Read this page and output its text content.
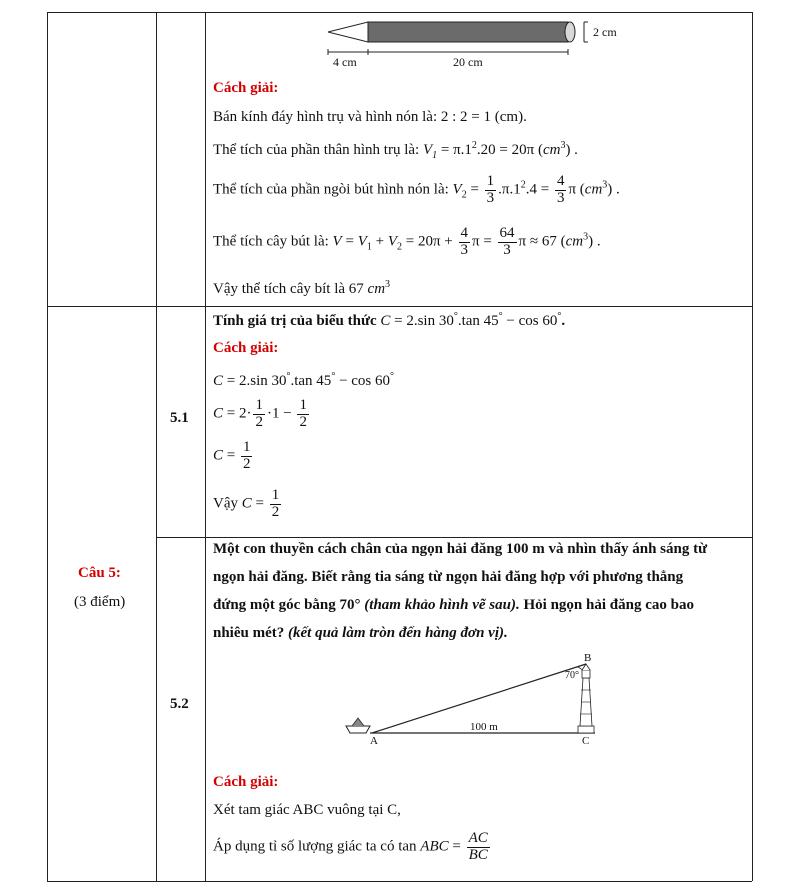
2 cm
4 cm	20 cm
Cách giải:
Bán kính đáy hình trụ và hình nón là: 2 : 2 = 1 (cm).
Thể tích của phần thân hình trụ là: $V_1 = \pi.1^2.20 = 20\pi$ $(cm^3)$ .
Thể tích của phần ngòi bút hình nón là: $V_2 = \frac{1}{3} .\pi.1^2.4 = \frac{4}{3}$ π $(cm^3)$ .
Thể tích cây bút là: $V = V_1 + V_2 = 20\pi + \frac{4}{3}$ $\pi = \frac{64}{3}$ π ≈ 67 $(cm^3)$ .
Vậy thể tích cây bít là 67 $cm^3$
Câu 5:
(3 điểm)
5.1
Tính giá trị của biểu thức C = 2.sin 30°.tan 45° − cos 60°.
Cách giải:
C = 2.sin 30°.tan 45° − cos 60°
$C = 2\cdot \frac{1}{2} \cdot 1 - \frac{1}{2}$
$C = \frac{1}{2}$
Vậy $C = \frac{1}{2}$
5.2
Một con thuyền cách chân của ngọn hải đăng 100 m và nhìn thấy ánh sáng từ
ngọn hải đăng. Biết rằng tia sáng từ ngọn hải đăng hợp với phương thẳng
đứng một góc bằng 70° (tham khảo hình vẽ sau). Hỏi ngọn hải đăng cao bao
nhiêu mét? (kết quả làm tròn đến hàng đơn vị).
B
70°
A	C
100 m
Cách giải:
Xét tam giác ABC vuông tại C,
Áp dụng tỉ số lượng giác ta có tan ABC = $\frac{AC}{BC}$
